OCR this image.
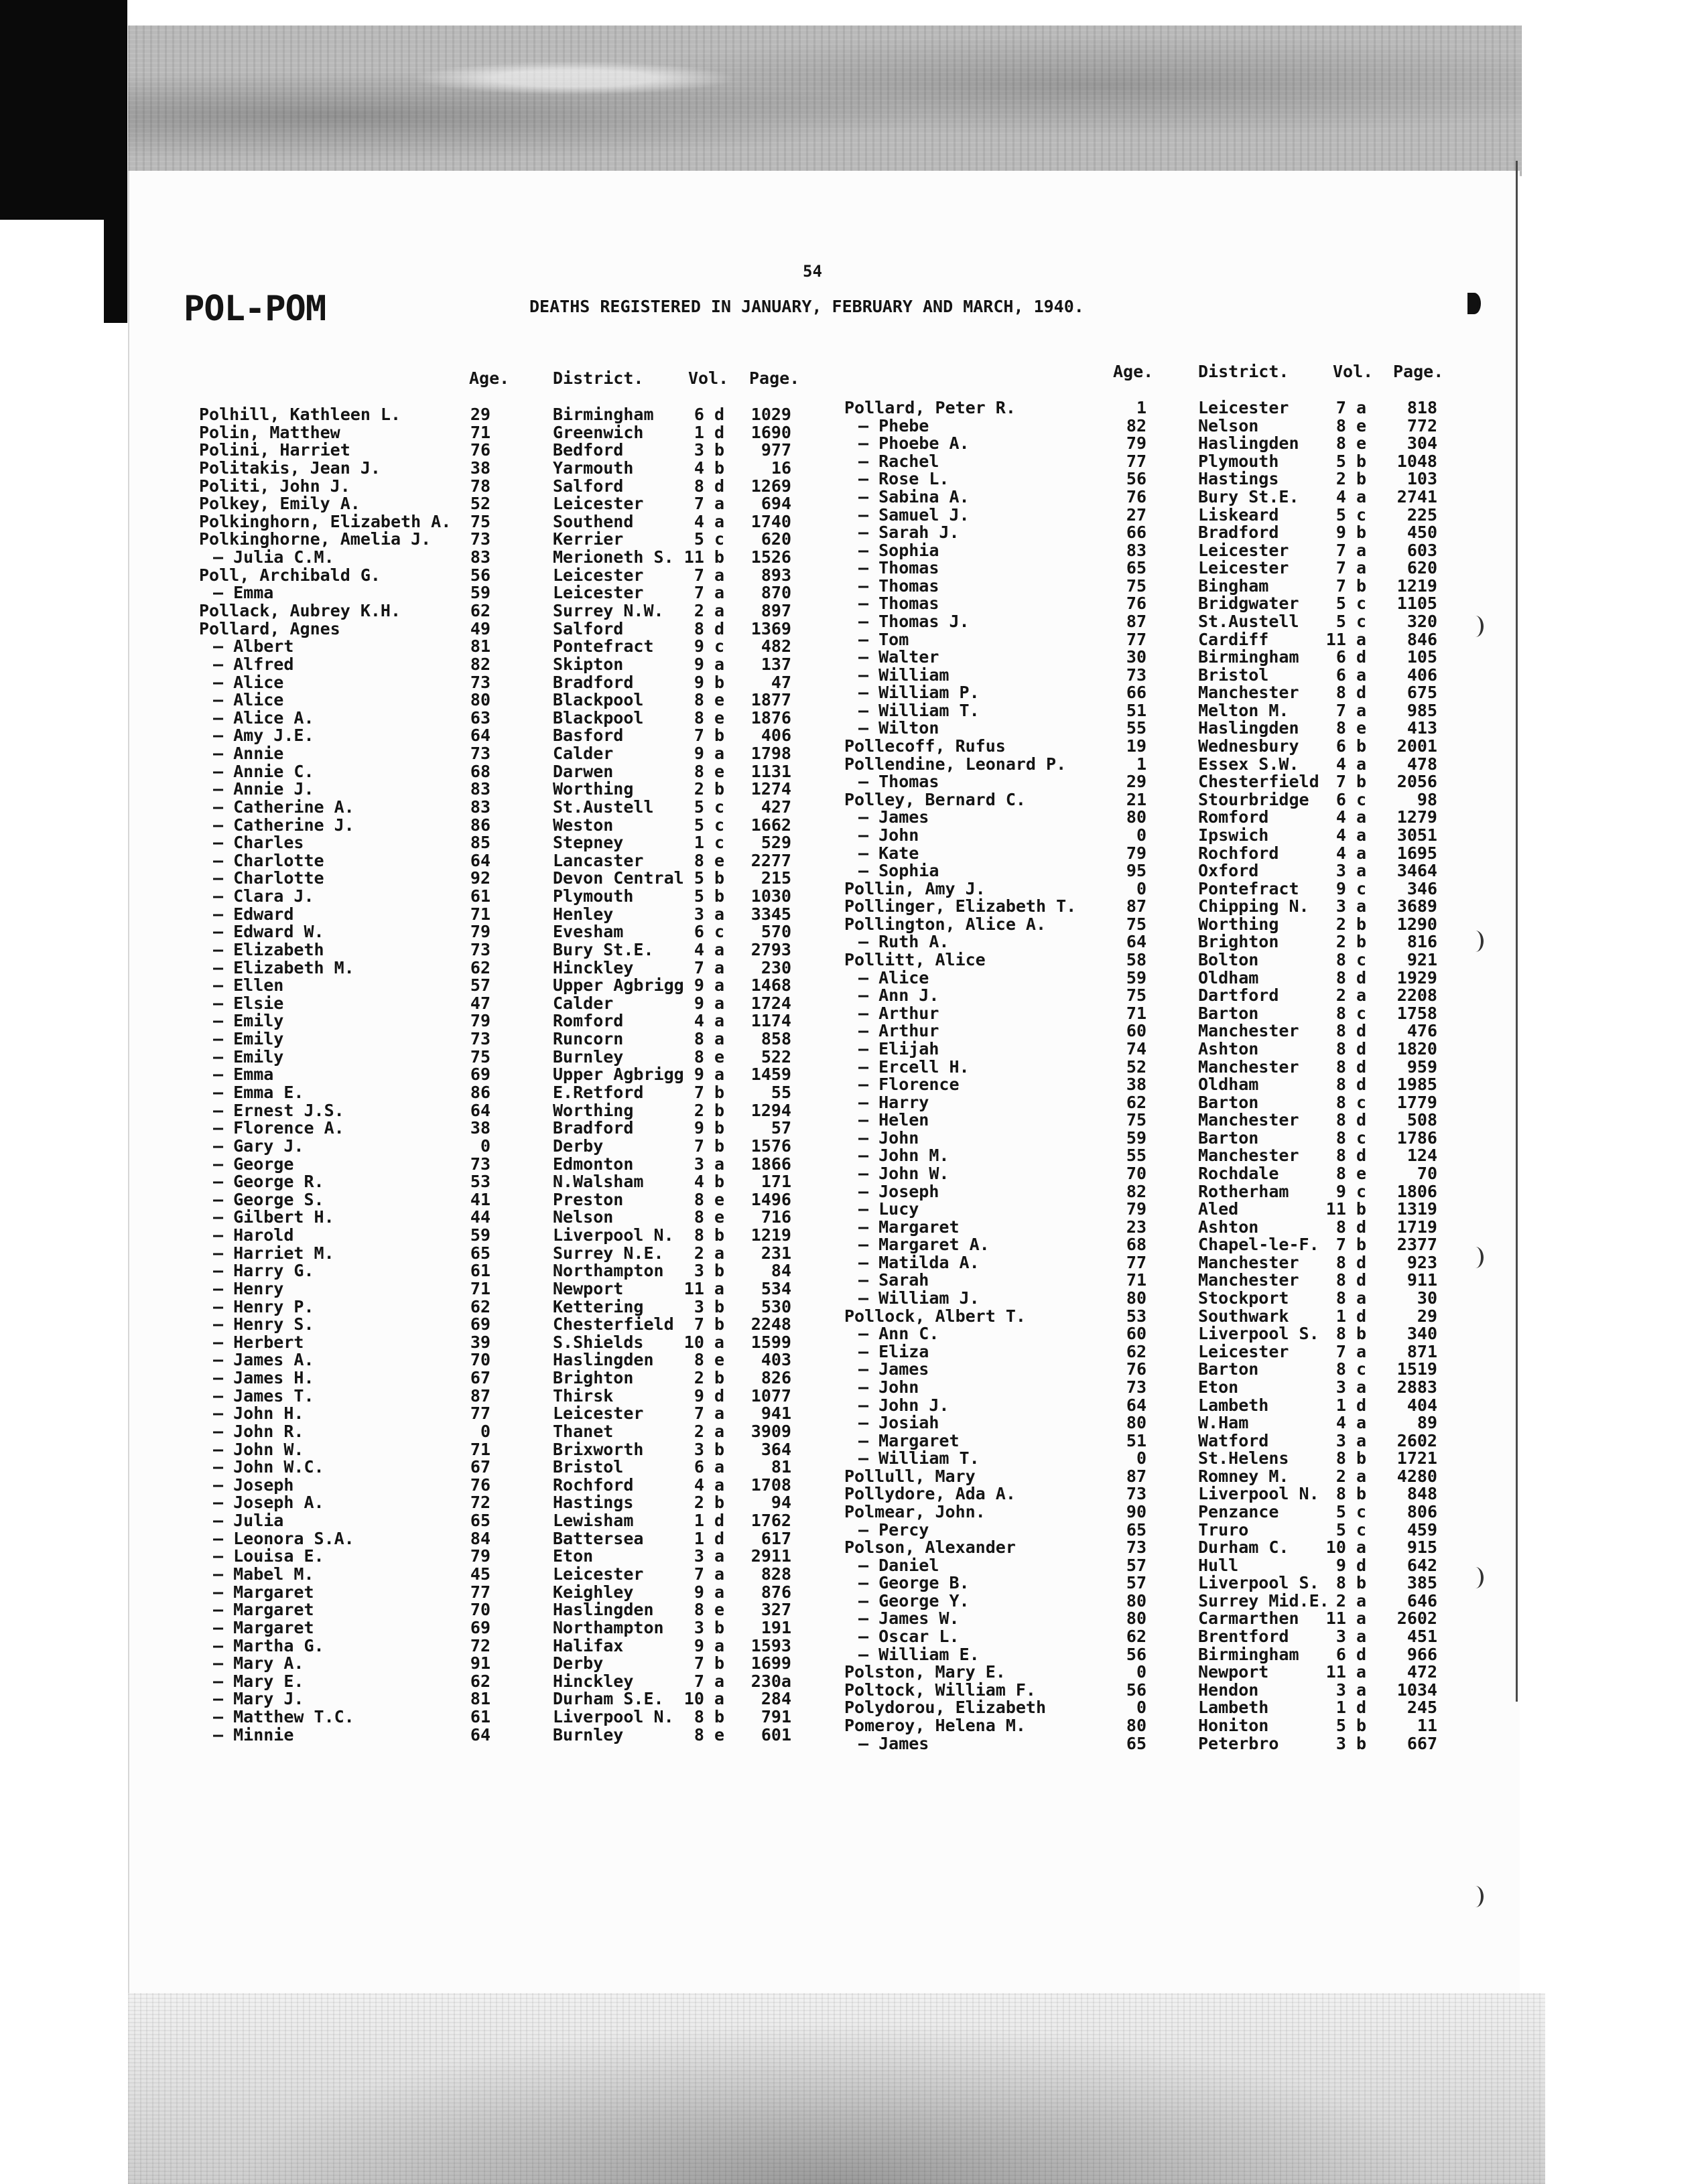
54
POL-POM	DEATHS REGISTERED IN JANUARY, FEBRUARY AND MARCH, 1940.
Age.	District.	Vol. Page.	Age.	District.	Vol. Page.
Polhill, Kathleen L.	29	Birmingham	6 d	1029
Polin, Matthew	71	Greenwich	1 d	1690
Polini, Harriet	76	Bedford	3 b	977
Politakis, Jean J.	38	Yarmouth	4 b	16
Politi, John J.	78	Salford	8 d	1269
Polkey, Emily A.	52	Leicester	7 a	694
Polkinghorn, Elizabeth A.	75	Southend	4 a	1740
Polkinghorne, Amelia J.	73	Kerrier	5 c	620
— Julia C.M.	83	Merioneth S. 11 b	1526
Poll, Archibald G.	56	Leicester	7 a	893
— Emma	59	Leicester	7 a	870
Pollack, Aubrey K.H.	62	Surrey N.W.	2 a	897
Pollard, Agnes	49	Salford	8 d	1369
— Albert	81	Pontefract	9 c	482
— Alfred	82	Skipton	9 a	137
— Alice	73	Bradford	9 b	47
— Alice	80	Blackpool	8 e	1877
— Alice A.	63	Blackpool	8 e	1876
— Amy J.E.	64	Basford	7 b	406
— Annie	73	Calder	9 a	1798
— Annie C.	68	Darwen	8 e	1131
— Annie J.	83	Worthing	2 b	1274
— Catherine A.	83	St.Austell	5 c	427
— Catherine J.	86	Weston	5 c	1662
— Charles	85	Stepney	1 c	529
— Charlotte	64	Lancaster	8 e	2277
— Charlotte	92	Devon Central 5 b	215
— Clara J.	61	Plymouth	5 b	1030
— Edward	71	Henley	3 a	3345
— Edward W.	79	Evesham	6 c	570
— Elizabeth	73	Bury St.E.	4 a	2793
— Elizabeth M.	62	Hinckley	7 a	230
— Ellen	57	Upper Agbrigg 9 a	1468
— Elsie	47	Calder	9 a	1724
— Emily	79	Romford	4 a	1174
— Emily	73	Runcorn	8 a	858
— Emily	75	Burnley	8 e	522
— Emma	69	Upper Agbrigg 9 a	1459
— Emma E.	86	E.Retford	7 b	55
— Ernest J.S.	64	Worthing	2 b	1294
— Florence A.	38	Bradford	9 b	57
— Gary J.	0	Derby	7 b	1576
— George	73	Edmonton	3 a	1866
— George R.	53	N.Walsham	4 b	171
— George S.	41	Preston	8 e	1496
— Gilbert H.	44	Nelson	8 e	716
— Harold	59	Liverpool N.	8 b	1219
— Harriet M.	65	Surrey N.E.	2 a	231
— Harry G.	61	Northampton	3 b	84
— Henry	71	Newport	11 a	534
— Henry P.	62	Kettering	3 b	530
— Henry S.	69	Chesterfield	7 b	2248
— Herbert	39	S.Shields	10 a	1599
— James A.	70	Haslingden	8 e	403
— James H.	67	Brighton	2 b	826
— James T.	87	Thirsk	9 d	1077
— John H.	77	Leicester	7 a	941
— John R.	0	Thanet	2 a	3909
— John W.	71	Brixworth	3 b	364
— John W.C.	67	Bristol	6 a	81
— Joseph	76	Rochford	4 a	1708
— Joseph A.	72	Hastings	2 b	94
— Julia	65	Lewisham	1 d	1762
— Leonora S.A.	84	Battersea	1 d	617
— Louisa E.	79	Eton	3 a	2911
— Mabel M.	45	Leicester	7 a	828
— Margaret	77	Keighley	9 a	876
— Margaret	70	Haslingden	8 e	327
— Margaret	69	Northampton	3 b	191
— Martha G.	72	Halifax	9 a	1593
— Mary A.	91	Derby	7 b	1699
— Mary E.	62	Hinckley	7 a	230a
— Mary J.	81	Durham S.E.	10 a	284
— Matthew T.C.	61	Liverpool N.	8 b	791
— Minnie	64	Burnley	8 e	601
Pollard, Peter R.	1	Leicester	7 a	818
— Phebe	82	Nelson	8 e	772
— Phoebe A.	79	Haslingden	8 e	304
— Rachel	77	Plymouth	5 b	1048
— Rose L.	56	Hastings	2 b	103
— Sabina A.	76	Bury St.E.	4 a	2741
— Samuel J.	27	Liskeard	5 c	225
— Sarah J.	66	Bradford	9 b	450
— Sophia	83	Leicester	7 a	603
— Thomas	65	Leicester	7 a	620
— Thomas	75	Bingham	7 b	1219
— Thomas	76	Bridgwater	5 c	1105
— Thomas J.	87	St.Austell	5 c	320
— Tom	77	Cardiff	11 a	846
— Walter	30	Birmingham	6 d	105
— William	73	Bristol	6 a	406
— William P.	66	Manchester	8 d	675
— William T.	51	Melton M.	7 a	985
— Wilton	55	Haslingden	8 e	413
Pollecoff, Rufus	19	Wednesbury	6 b	2001
Pollendine, Leonard P.	1	Essex S.W.	4 a	478
— Thomas	29	Chesterfield	7 b	2056
Polley, Bernard C.	21	Stourbridge	6 c	98
— James	80	Romford	4 a	1279
— John	0	Ipswich	4 a	3051
— Kate	79	Rochford	4 a	1695
— Sophia	95	Oxford	3 a	3464
Pollin, Amy J.	0	Pontefract	9 c	346
Pollinger, Elizabeth T.	87	Chipping N.	3 a	3689
Pollington, Alice A.	75	Worthing	2 b	1290
— Ruth A.	64	Brighton	2 b	816
Pollitt, Alice	58	Bolton	8 c	921
— Alice	59	Oldham	8 d	1929
— Ann J.	75	Dartford	2 a	2208
— Arthur	71	Barton	8 c	1758
— Arthur	60	Manchester	8 d	476
— Elijah	74	Ashton	8 d	1820
— Ercell H.	52	Manchester	8 d	959
— Florence	38	Oldham	8 d	1985
— Harry	62	Barton	8 c	1779
— Helen	75	Manchester	8 d	508
— John	59	Barton	8 c	1786
— John M.	55	Manchester	8 d	124
— John W.	70	Rochdale	8 e	70
— Joseph	82	Rotherham	9 c	1806
— Lucy	79	Aled	11 b	1319
— Margaret	23	Ashton	8 d	1719
— Margaret A.	68	Chapel-le-F.	7 b	2377
— Matilda A.	77	Manchester	8 d	923
— Sarah	71	Manchester	8 d	911
— William J.	80	Stockport	8 a	30
Pollock, Albert T.	53	Southwark	1 d	29
— Ann C.	60	Liverpool S.	8 b	340
— Eliza	62	Leicester	7 a	871
— James	76	Barton	8 c	1519
— John	73	Eton	3 a	2883
— John J.	64	Lambeth	1 d	404
— Josiah	80	W.Ham	4 a	89
— Margaret	51	Watford	3 a	2602
— William T.	0	St.Helens	8 b	1721
Pollull, Mary	87	Romney M.	2 a	4280
Pollydore, Ada A.	73	Liverpool N.	8 b	848
Polmear, John.	90	Penzance	5 c	806
— Percy	65	Truro	5 c	459
Polson, Alexander	73	Durham C.	10 a	915
— Daniel	57	Hull	9 d	642
— George B.	57	Liverpool S.	8 b	385
— George Y.	80	Surrey Mid.E. 2 a	646
— James W.	80	Carmarthen	11 a	2602
— Oscar L.	62	Brentford	3 a	451
— William E.	56	Birmingham	6 d	966
Polston, Mary E.	0	Newport	11 a	472
Poltock, William F.	56	Hendon	3 a	1034
Polydorou, Elizabeth	0	Lambeth	1 d	245
Pomeroy, Helena M.	80	Honiton	5 b	11
— James	65	Peterbro	3 b	667
